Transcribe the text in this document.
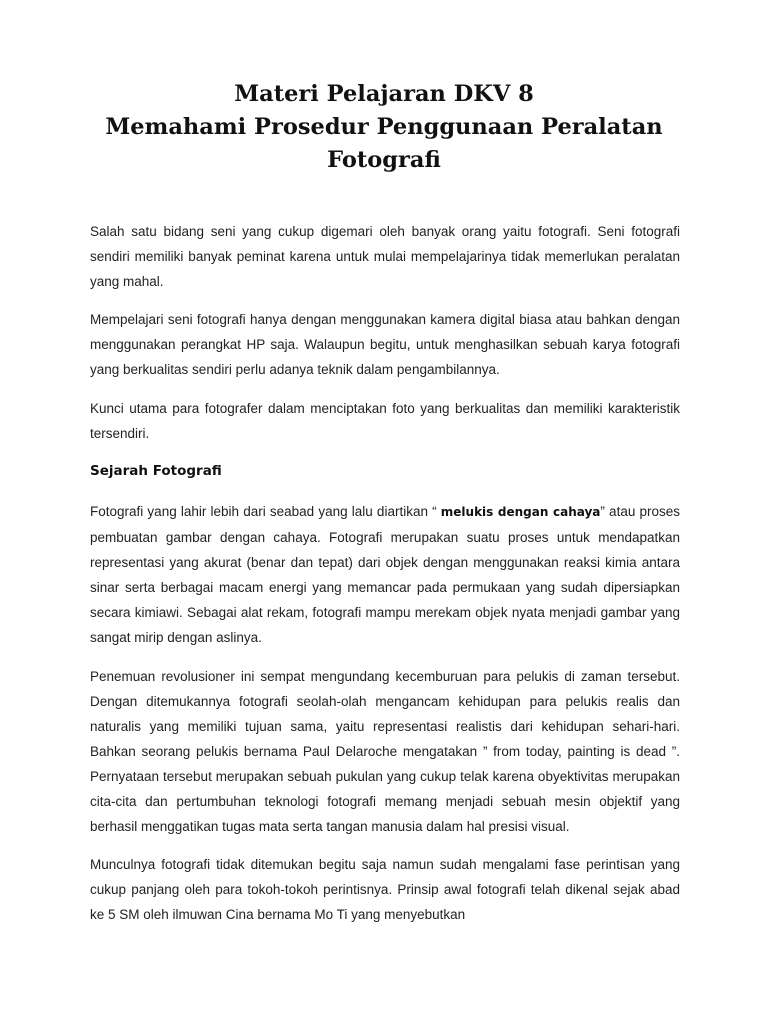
Materi Pelajaran DKV 8
Memahami Prosedur Penggunaan Peralatan
Fotografi

Salah satu bidang seni yang cukup digemari oleh banyak orang yaitu fotografi. Seni fotografi sendiri memiliki banyak peminat karena untuk mulai mempelajarinya tidak memerlukan peralatan yang mahal.

Mempelajari seni fotografi hanya dengan menggunakan kamera digital biasa atau bahkan dengan menggunakan perangkat HP saja. Walaupun begitu, untuk menghasilkan sebuah karya fotografi yang berkualitas sendiri perlu adanya teknik dalam pengambilannya.

Kunci utama para fotografer dalam menciptakan foto yang berkualitas dan memiliki karakteristik tersendiri.

Sejarah Fotografi

Fotografi yang lahir lebih dari seabad yang lalu diartikan “ melukis dengan cahaya” atau proses pembuatan gambar dengan cahaya. Fotografi merupakan suatu proses untuk mendapatkan representasi yang akurat (benar dan tepat) dari objek dengan menggunakan reaksi kimia antara sinar serta berbagai macam energi yang memancar pada permukaan yang sudah dipersiapkan secara kimiawi. Sebagai alat rekam, fotografi mampu merekam objek nyata menjadi gambar yang sangat mirip dengan aslinya.

Penemuan revolusioner ini sempat mengundang kecemburuan para pelukis di zaman tersebut. Dengan ditemukannya fotografi seolah-olah mengancam kehidupan para pelukis realis dan naturalis yang memiliki tujuan sama, yaitu representasi realistis dari kehidupan sehari-hari. Bahkan seorang pelukis bernama Paul Delaroche mengatakan ” from today, painting is dead ”. Pernyataan tersebut merupakan sebuah pukulan yang cukup telak karena obyektivitas merupakan cita-cita dan pertumbuhan teknologi fotografi memang menjadi sebuah mesin objektif yang berhasil menggatikan tugas mata serta tangan manusia dalam hal presisi visual.

Munculnya fotografi tidak ditemukan begitu saja namun sudah mengalami fase perintisan yang cukup panjang oleh para tokoh-tokoh perintisnya. Prinsip awal fotografi telah dikenal sejak abad ke 5 SM oleh ilmuwan Cina bernama Mo Ti yang menyebutkan
